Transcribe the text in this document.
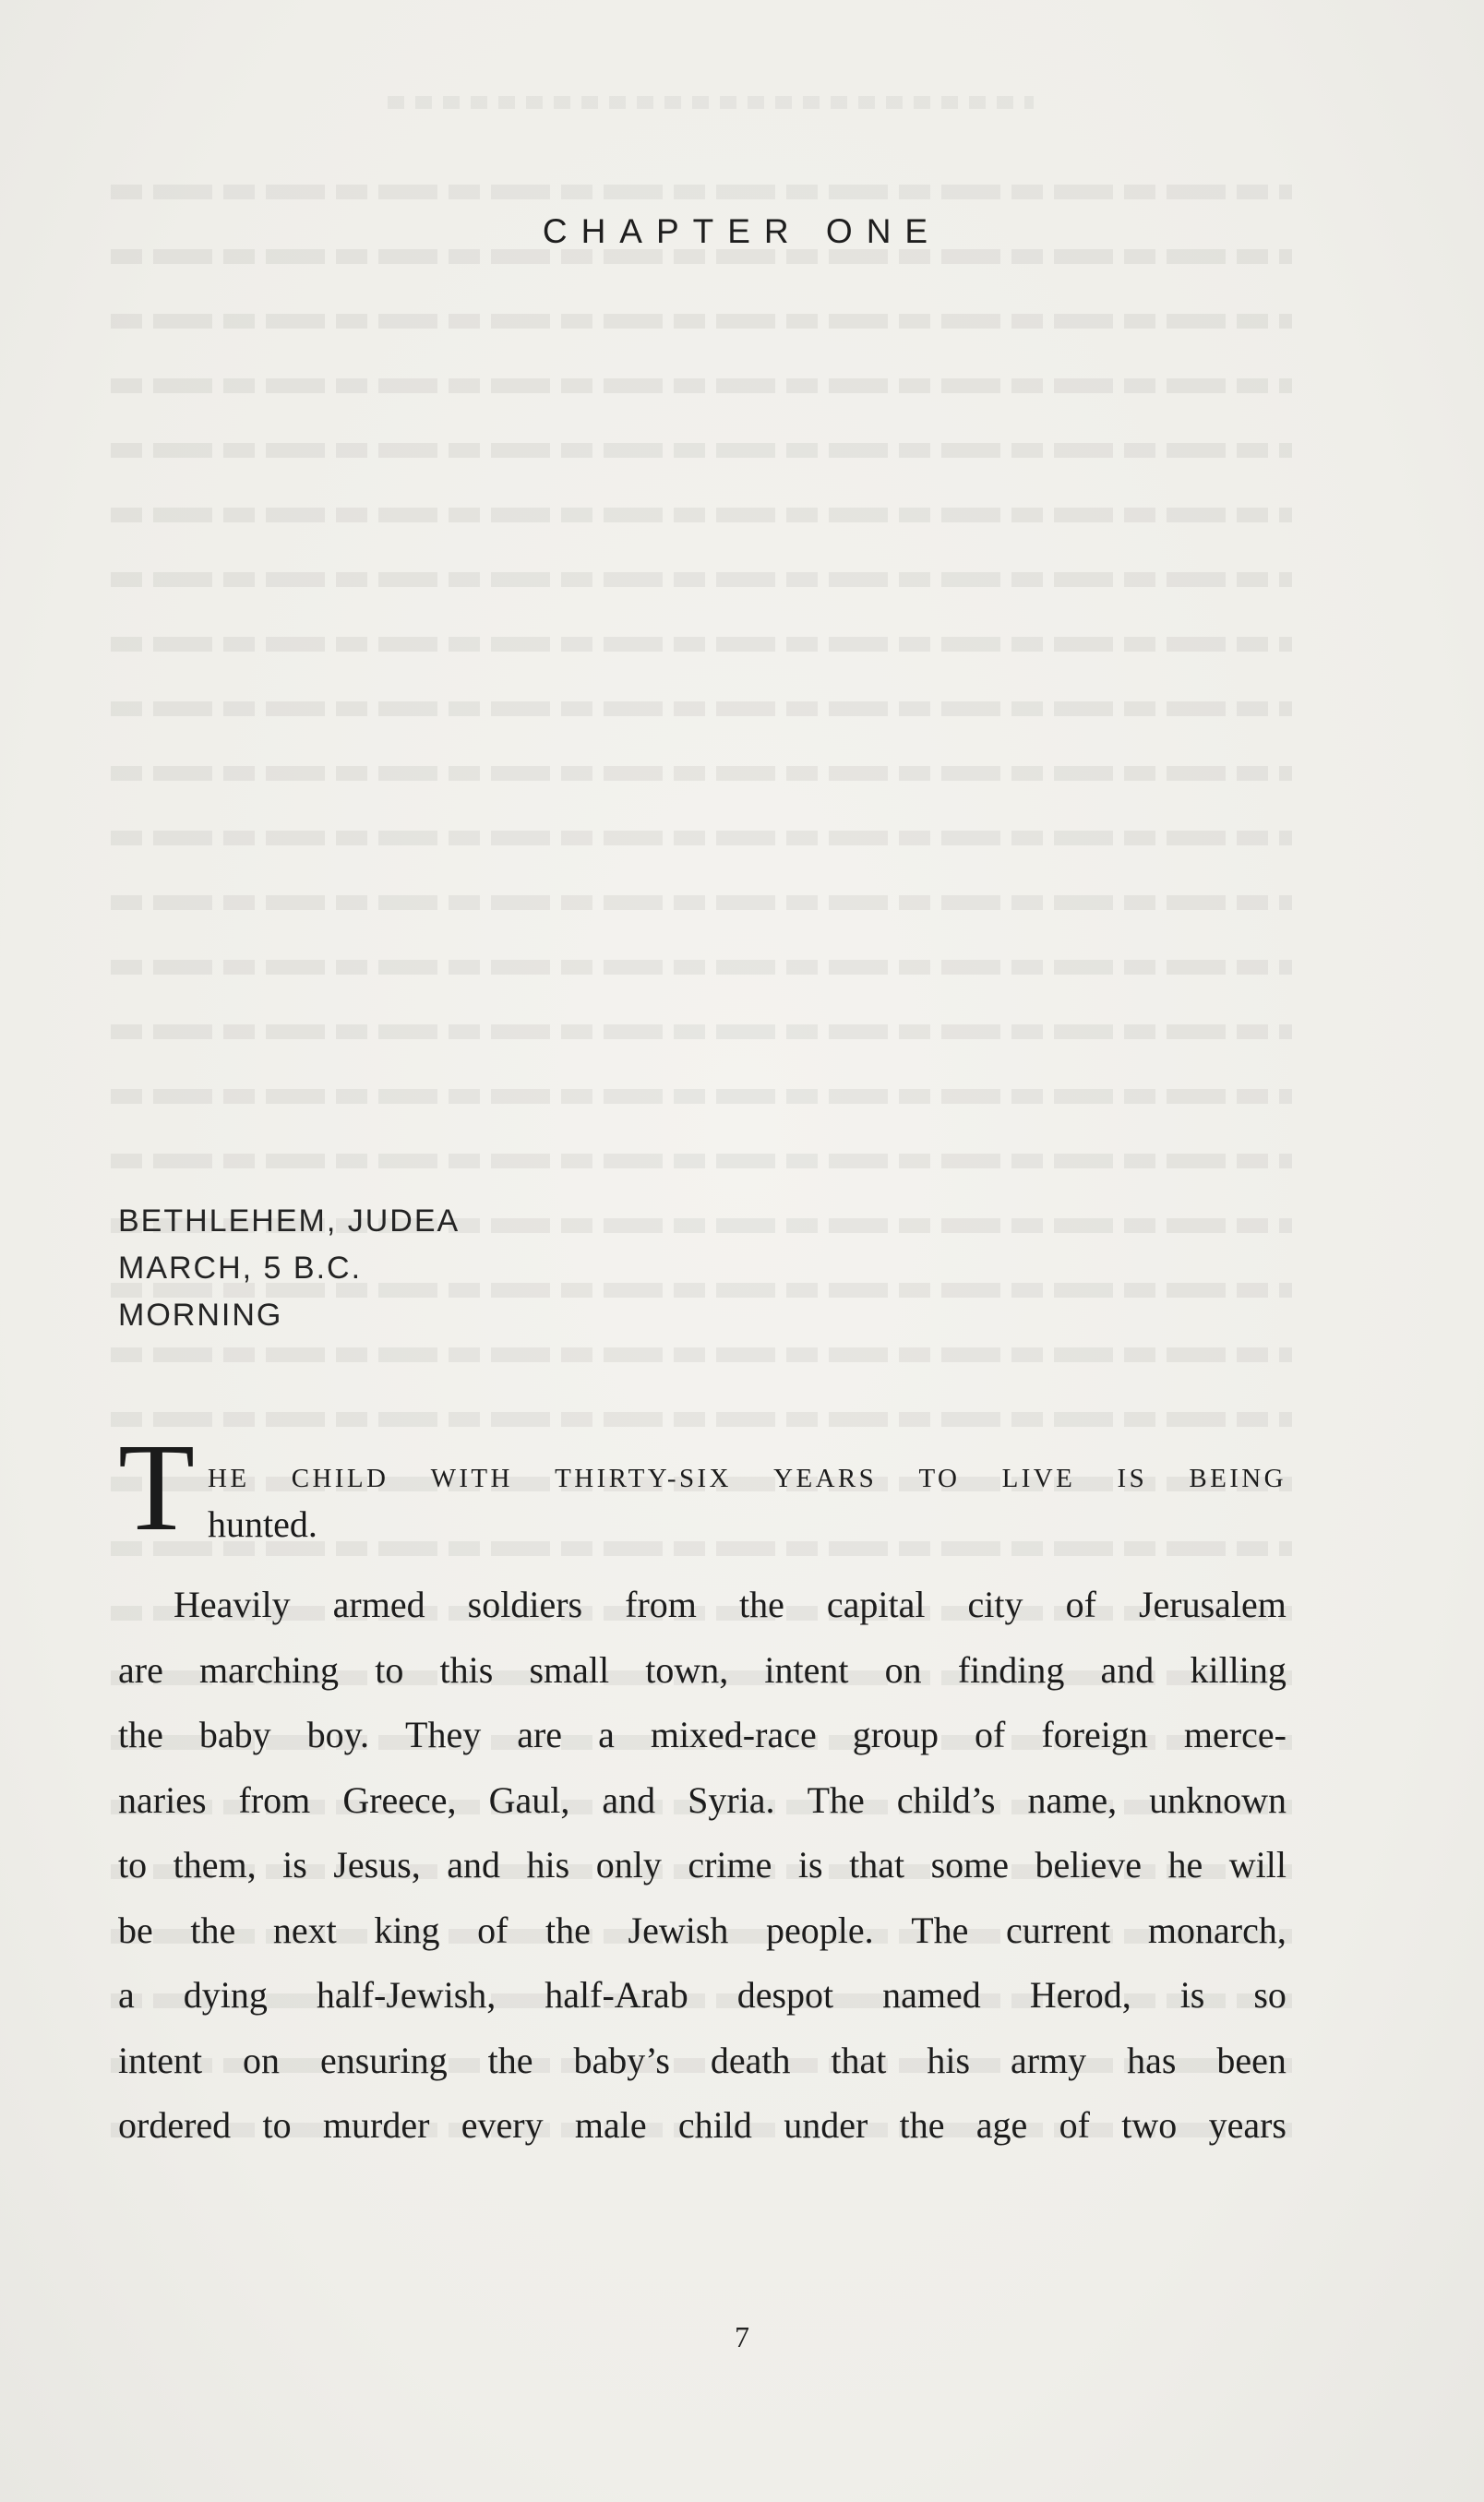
CHAPTER ONE
BETHLEHEM, JUDEA
MARCH, 5 B.C.
MORNING
T HE CHILD WITH THIRTY-SIX YEARS TO LIVE IS BEING
hunted.
Heavily armed soldiers from the capital city of Jerusalem
are marching to this small town, intent on finding and killing
the baby boy. They are a mixed-race group of foreign merce-
naries from Greece, Gaul, and Syria. The child’s name, unknown
to them, is Jesus, and his only crime is that some believe he will
be the next king of the Jewish people. The current monarch,
a dying half-Jewish, half-Arab despot named Herod, is so
intent on ensuring the baby’s death that his army has been
ordered to murder every male child under the age of two years
7
